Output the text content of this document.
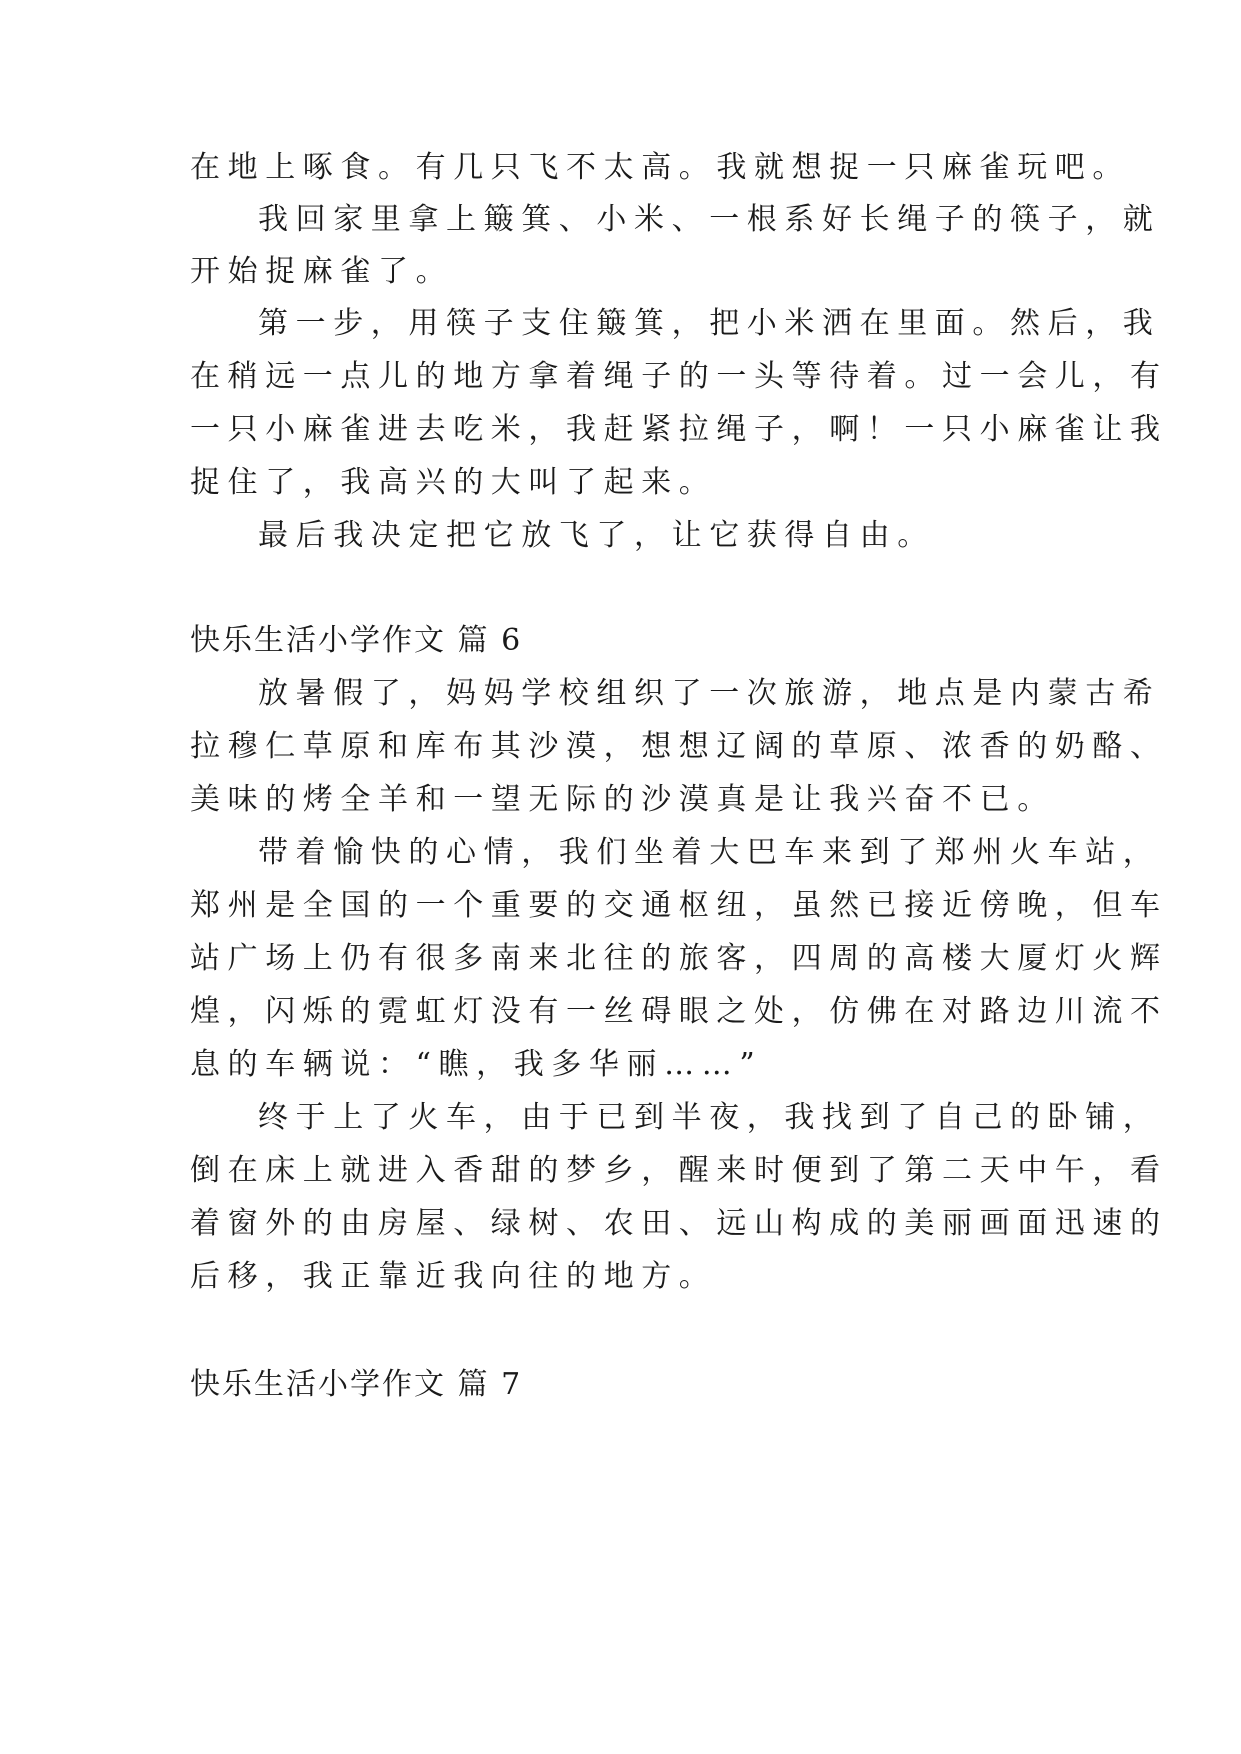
在地上啄食。有几只飞不太高。我就想捉一只麻雀玩吧。
我回家里拿上簸箕、小米、一根系好长绳子的筷子，就
开始捉麻雀了。
第一步，用筷子支住簸箕，把小米洒在里面。然后，我
在稍远一点儿的地方拿着绳子的一头等待着。过一会儿，有
一只小麻雀进去吃米，我赶紧拉绳子，啊！一只小麻雀让我
捉住了，我高兴的大叫了起来。
最后我决定把它放飞了，让它获得自由。
快乐生活小学作文 篇 6
放暑假了，妈妈学校组织了一次旅游，地点是内蒙古希
拉穆仁草原和库布其沙漠，想想辽阔的草原、浓香的奶酪、
美味的烤全羊和一望无际的沙漠真是让我兴奋不已。
带着愉快的心情，我们坐着大巴车来到了郑州火车站，
郑州是全国的一个重要的交通枢纽，虽然已接近傍晚，但车
站广场上仍有很多南来北往的旅客，四周的高楼大厦灯火辉
煌，闪烁的霓虹灯没有一丝碍眼之处，仿佛在对路边川流不
息的车辆说：“瞧，我多华丽……”
终于上了火车，由于已到半夜，我找到了自己的卧铺，
倒在床上就进入香甜的梦乡，醒来时便到了第二天中午，看
着窗外的由房屋、绿树、农田、远山构成的美丽画面迅速的
后移，我正靠近我向往的地方。
快乐生活小学作文 篇 7
